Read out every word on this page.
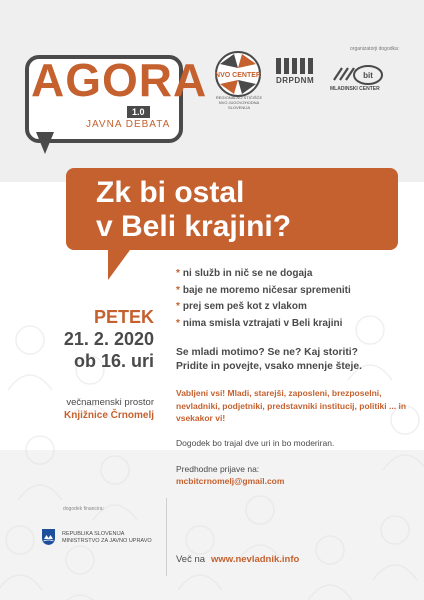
AGORA
1.0
JAVNA DEBATA
organizatorji dogodka:
NVO CENTER
REGIONALNO STIČIŠČE NVO JUGOVZHODNA SLOVENIJA
DRPDNM
bit
MLADINSKI CENTER
Zk bi ostal
v Beli krajini?
* ni služb in nič se ne dogaja
* baje ne moremo ničesar spremeniti
* prej sem peš kot z vlakom
* nima smisla vztrajati v Beli krajini
PETEK
21. 2. 2020
ob 16. uri
večnamenski prostor
Knjižnice Črnomelj
Se mladi motimo? Se ne? Kaj storiti?
Pridite in povejte, vsako mnenje šteje.
Vabljeni vsi! Mladi, starejši, zaposleni, brezposelni, nevladniki, podjetniki, predstavniki institucij, politiki ... in vsekakor vi!
Dogodek bo trajal dve uri in bo moderiran.
Predhodne prijave na:
mcbitcrnomelj@gmail.com
dogodek financira:
REPUBLIKA SLOVENIJA
MINISTRSTVO ZA JAVNO UPRAVO
Več na www.nevladnik.info
